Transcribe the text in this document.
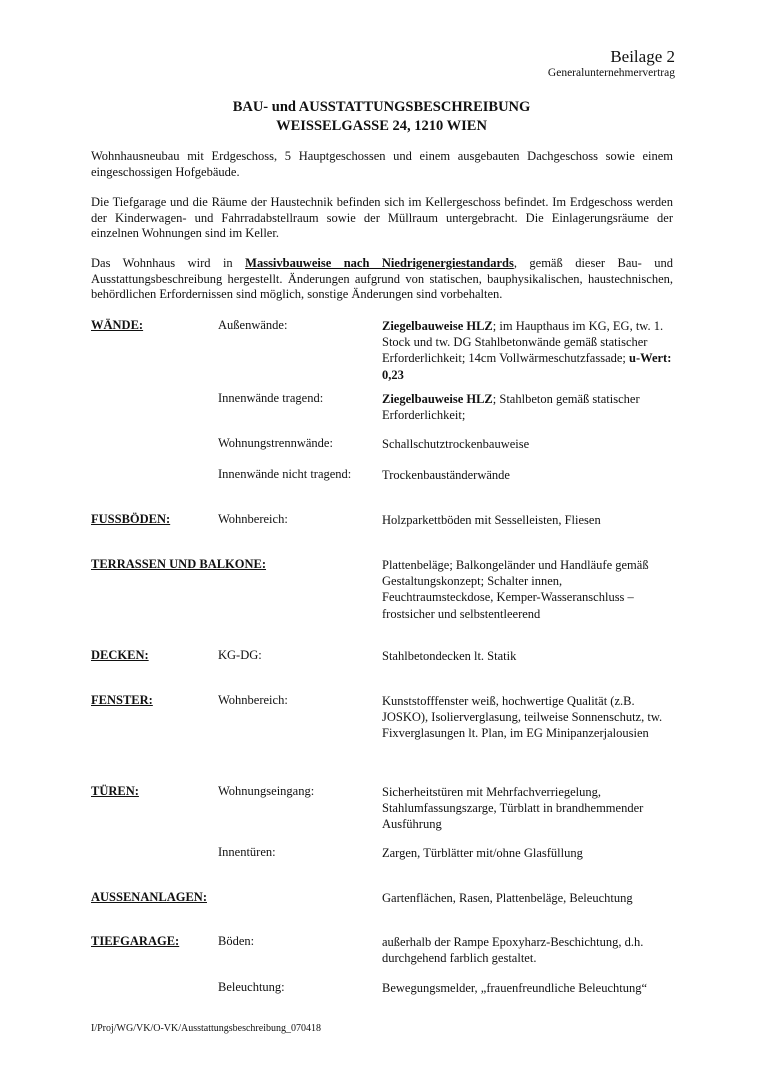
Beilage 2
Generalunternehmervertrag
BAU- und AUSSTATTUNGSBESCHREIBUNG
WEISSELGASSE 24, 1210 WIEN
Wohnhausneubau mit Erdgeschoss, 5 Hauptgeschossen und einem ausgebauten Dachgeschoss sowie einem eingeschossigen Hofgebäude.
Die Tiefgarage und die Räume der Haustechnik befinden sich im Kellergeschoss befindet. Im Erdgeschoss werden der Kinderwagen- und Fahrradabstellraum sowie der Müllraum untergebracht. Die Einlagerungsräume der einzelnen Wohnungen sind im Keller.
Das Wohnhaus wird in Massivbauweise nach Niedrigenergiestandards, gemäß dieser Bau- und Ausstattungsbeschreibung hergestellt. Änderungen aufgrund von statischen, bauphysikalischen, haustechnischen, behördlichen Erfordernissen sind möglich, sonstige Änderungen sind vorbehalten.
WÄNDE:	Außenwände:	Ziegelbauweise HLZ; im Haupthaus im KG, EG, tw. 1. Stock und tw. DG Stahlbetonwände gemäß statischer Erforderlichkeit; 14cm Vollwärmeschutzfassade; u-Wert: 0,23
Innenwände tragend:	Ziegelbauweise HLZ; Stahlbeton gemäß statischer Erforderlichkeit;
Wohnungstrennwände:	Schallschutztrockenbauweise
Innenwände nicht tragend: Trockenbauständerwände
FUSSBÖDEN:	Wohnbereich:	Holzparkettböden mit Sesselleisten, Fliesen
TERRASSEN UND BALKONE:	Plattenbeläge; Balkongeländer und Handläufe gemäß Gestaltungskonzept; Schalter innen, Feuchtraumsteckdose, Kemper-Wasseranschluss – frostsicher und selbstentleerend
DECKEN:	KG-DG:	Stahlbetondecken lt. Statik
FENSTER:	Wohnbereich:	Kunststofffenster weiß, hochwertige Qualität (z.B. JOSKO), Isolierverglasung, teilweise Sonnenschutz, tw. Fixverglasungen lt. Plan, im EG Minipanzerjalousien
TÜREN:	Wohnungseingang:	Sicherheitstüren mit Mehrfachverriegelung, Stahlumfassungszarge, Türblatt in brandhemmender Ausführung
Innentüren:	Zargen, Türblätter mit/ohne Glasfüllung
AUSSENANLAGEN:	Gartenflächen, Rasen, Plattenbeläge, Beleuchtung
TIEFGARAGE:	Böden:	außerhalb der Rampe Epoxyharz-Beschichtung, d.h. durchgehend farblich gestaltet.
Beleuchtung:	Bewegungsmelder, „frauenfreundliche Beleuchtung“
I/Proj/WG/VK/O-VK/Ausstattungsbeschreibung_070418
